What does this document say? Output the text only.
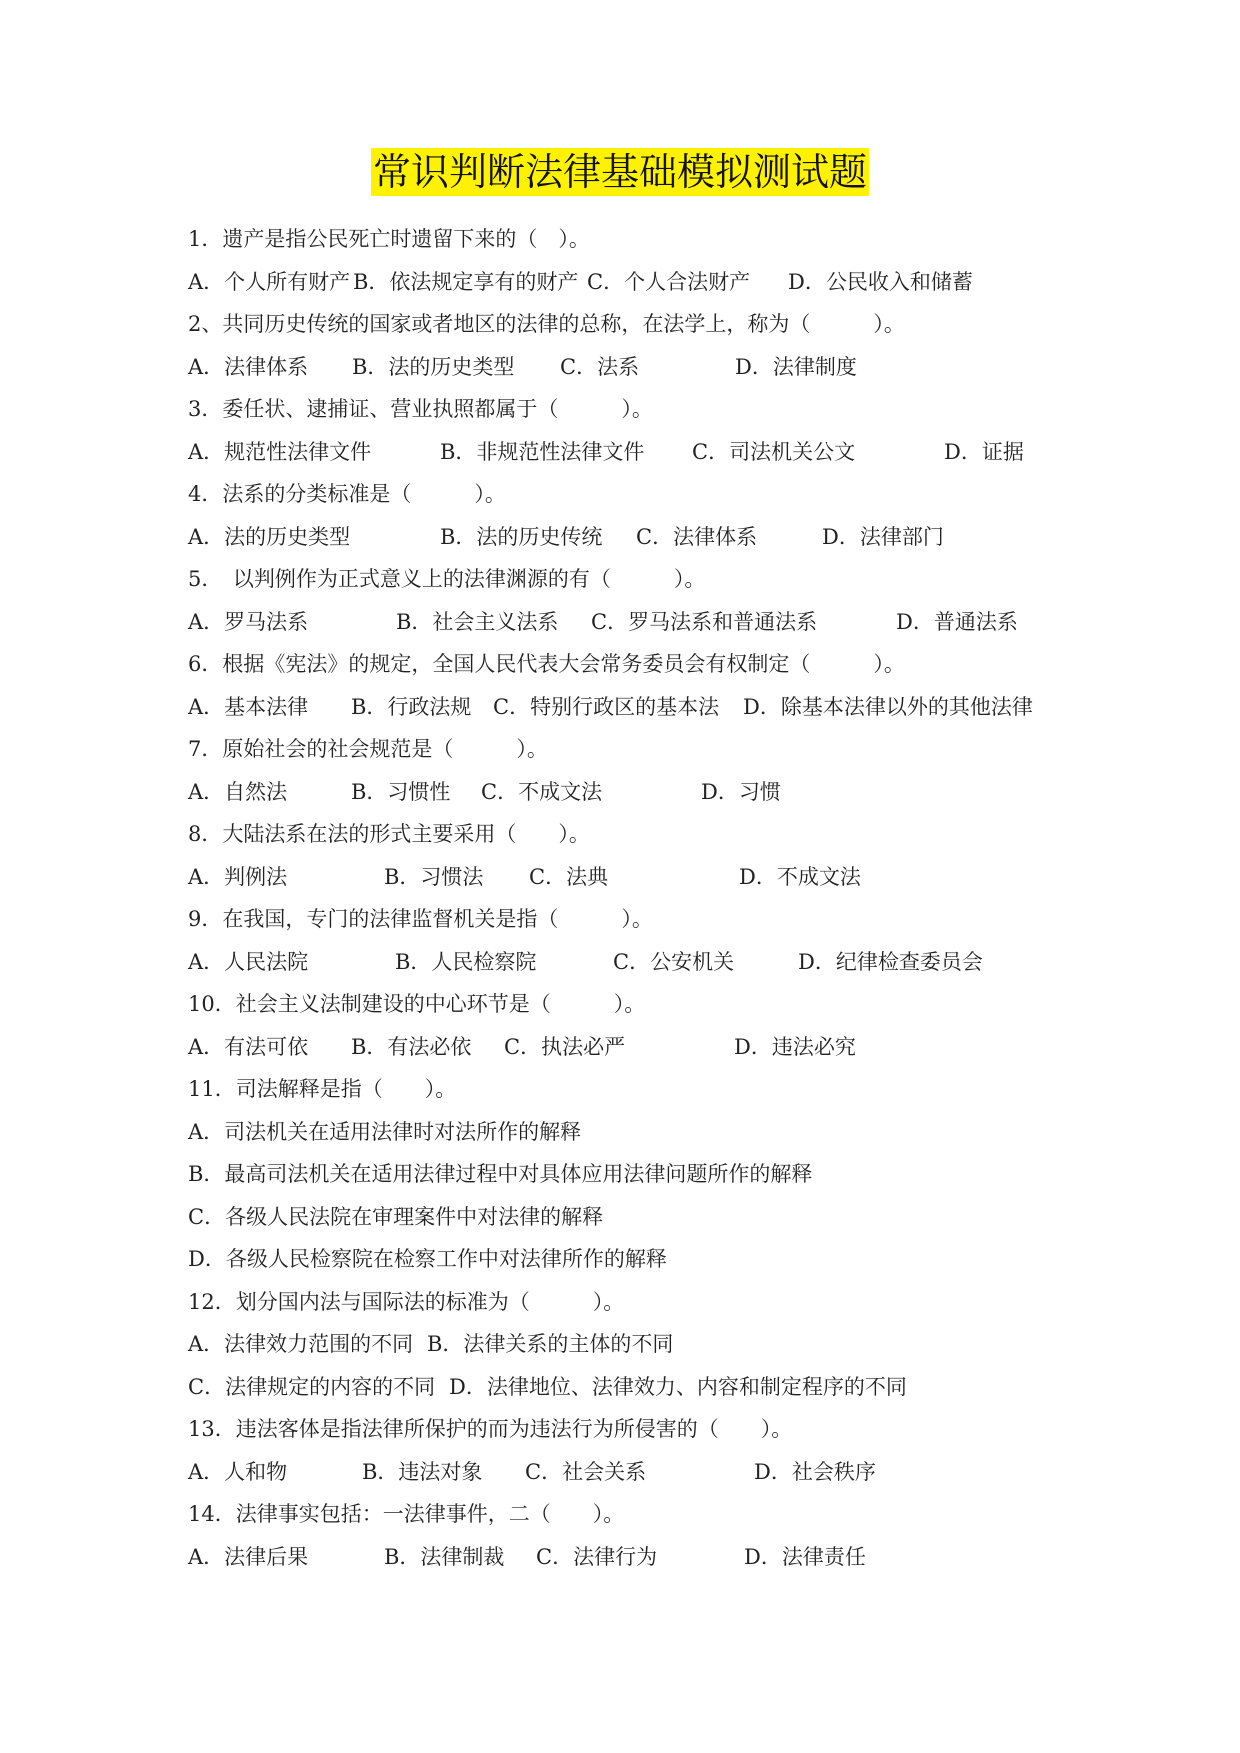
常识判断法律基础模拟测试题
1．遗产是指公民死亡时遗留下来的（　）。
A．个人所有财产 B．依法规定享有的财产 C．个人合法财产 D．公民收入和储蓄
2、共同历史传统的国家或者地区的法律的总称，在法学上，称为（　　　）。
A．法律体系 B．法的历史类型 C．法系	D．法律制度
3．委任状、逮捕证、营业执照都属于（　　　）。
A．规范性法律文件	B．非规范性法律文件 C．司法机关公文	D．证据
4．法系的分类标准是（　　　）。
A．法的历史类型	B．法的历史传统 C．法律体系	D．法律部门
5．　以判例作为正式意义上的法律渊源的有（　　　）。
A．罗马法系	B．社会主义法系 C．罗马法系和普通法系	D．普通法系
6．根据《宪法》的规定，全国人民代表大会常务委员会有权制定（　　　）。
A．基本法律 B．行政法规 C．特别行政区的基本法 D．除基本法律以外的其他法律
7．原始社会的社会规范是（　　　）。
A．自然法	B．习惯性 C．不成文法	D．习惯
8．大陆法系在法的形式主要采用（　　）。
A．判例法	B．习惯法 C．法典	D．不成文法
9．在我国，专门的法律监督机关是指（　　　）。
A．人民法院	B．人民检察院	C．公安机关	D．纪律检查委员会
10．社会主义法制建设的中心环节是（　　　）。
A．有法可依 B．有法必依 C．执法必严	D．违法必究
11．司法解释是指（　　）。
A．司法机关在适用法律时对法所作的解释
B．最高司法机关在适用法律过程中对具体应用法律问题所作的解释
C．各级人民法院在审理案件中对法律的解释
D．各级人民检察院在检察工作中对法律所作的解释
12．划分国内法与国际法的标准为（　　　）。
A．法律效力范围的不同 B．法律关系的主体的不同
C．法律规定的内容的不同 D．法律地位、法律效力、内容和制定程序的不同
13．违法客体是指法律所保护的而为违法行为所侵害的（　　）。
A．人和物	B．违法对象 C．社会关系	D．社会秩序
14．法律事实包括：一法律事件，二（　　）。
A．法律后果	B．法律制裁 C．法律行为	D．法律责任
